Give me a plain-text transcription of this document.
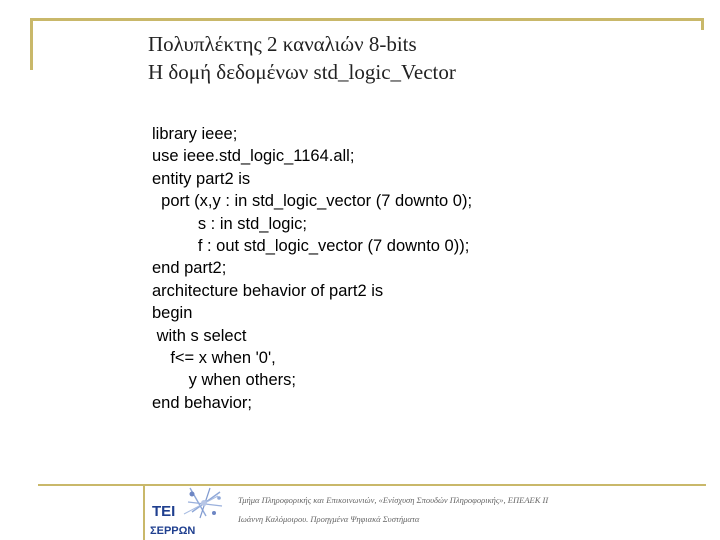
Πολυπλέκτης 2 καναλιών 8-bits
Η δομή δεδομένων std_logic_Vector
library ieee;
use ieee.std_logic_1164.all;
entity part2 is
port (x,y : in std_logic_vector (7 downto 0);
s : in std_logic;
f : out std_logic_vector (7 downto 0));
end part2;
architecture behavior of part2 is
begin
with s select
f<= x when '0',
y when others;
end behavior;
ΤΕΙ
ΣΕΡΡΩΝ
Τμήμα Πληροφορικής και Επικοινωνιών, «Ενίσχυση Σπουδών Πληροφορικής», ΕΠΕΑΕΚ ΙΙ
Ιωάννη Καλόμοιρου. Προηγμένα Ψηφιακά Συστήματα
